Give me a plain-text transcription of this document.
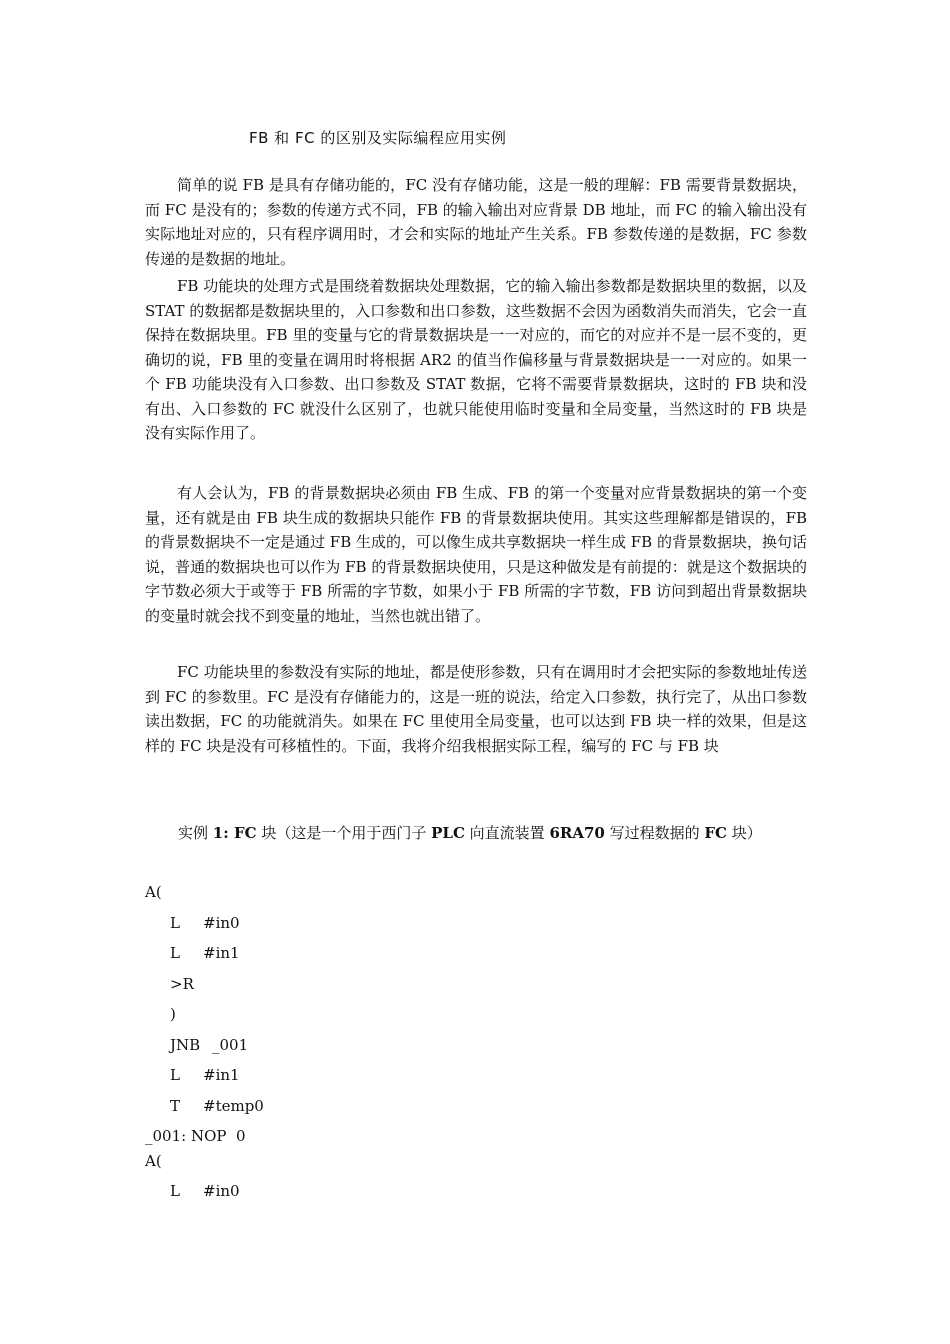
FB 和 FC 的区别及实际编程应用实例

简单的说 FB 是具有存储功能的，FC 没有存储功能，这是一般的理解：FB 需要背景数据块，而 FC 是没有的；参数的传递方式不同，FB 的输入输出对应背景 DB 地址，而 FC 的输入输出没有实际地址对应的，只有程序调用时，才会和实际的地址产生关系。FB 参数传递的是数据，FC 参数传递的是数据的地址。

FB 功能块的处理方式是围绕着数据块处理数据，它的输入输出参数都是数据块里的数据，以及 STAT 的数据都是数据块里的，入口参数和出口参数，这些数据不会因为函数消失而消失，它会一直保持在数据块里。FB 里的变量与它的背景数据块是一一对应的，而它的对应并不是一层不变的，更确切的说，FB 里的变量在调用时将根据 AR2 的值当作偏移量与背景数据块是一一对应的。如果一个 FB 功能块没有入口参数、出口参数及 STAT 数据，它将不需要背景数据块，这时的 FB 块和没有出、入口参数的 FC 就没什么区别了，也就只能使用临时变量和全局变量，当然这时的 FB 块是没有实际作用了。

有人会认为，FB 的背景数据块必须由 FB 生成、FB 的第一个变量对应背景数据块的第一个变量，还有就是由 FB 块生成的数据块只能作 FB 的背景数据块使用。其实这些理解都是错误的，FB 的背景数据块不一定是通过 FB 生成的，可以像生成共享数据块一样生成 FB 的背景数据块，换句话说，普通的数据块也可以作为 FB 的背景数据块使用，只是这种做发是有前提的：就是这个数据块的字节数必须大于或等于 FB 所需的字节数，如果小于 FB 所需的字节数，FB 访问到超出背景数据块的变量时就会找不到变量的地址，当然也就出错了。

FC 功能块里的参数没有实际的地址，都是使形参数，只有在调用时才会把实际的参数地址传送到 FC 的参数里。FC 是没有存储能力的，这是一班的说法，给定入口参数，执行完了，从出口参数读出数据，FC 的功能就消失。如果在 FC 里使用全局变量，也可以达到 FB 块一样的效果，但是这样的 FC 块是没有可移植性的。下面，我将介绍我根据实际工程，编写的 FC 与 FB 块

实例 1: FC 块（这是一个用于西门子 PLC 向直流装置 6RA70 写过程数据的 FC 块）
A(
L #in0
L #in1
>R
)
JNB _001
L #in1
T #temp0
_001: NOP 0
A(
L #in0
